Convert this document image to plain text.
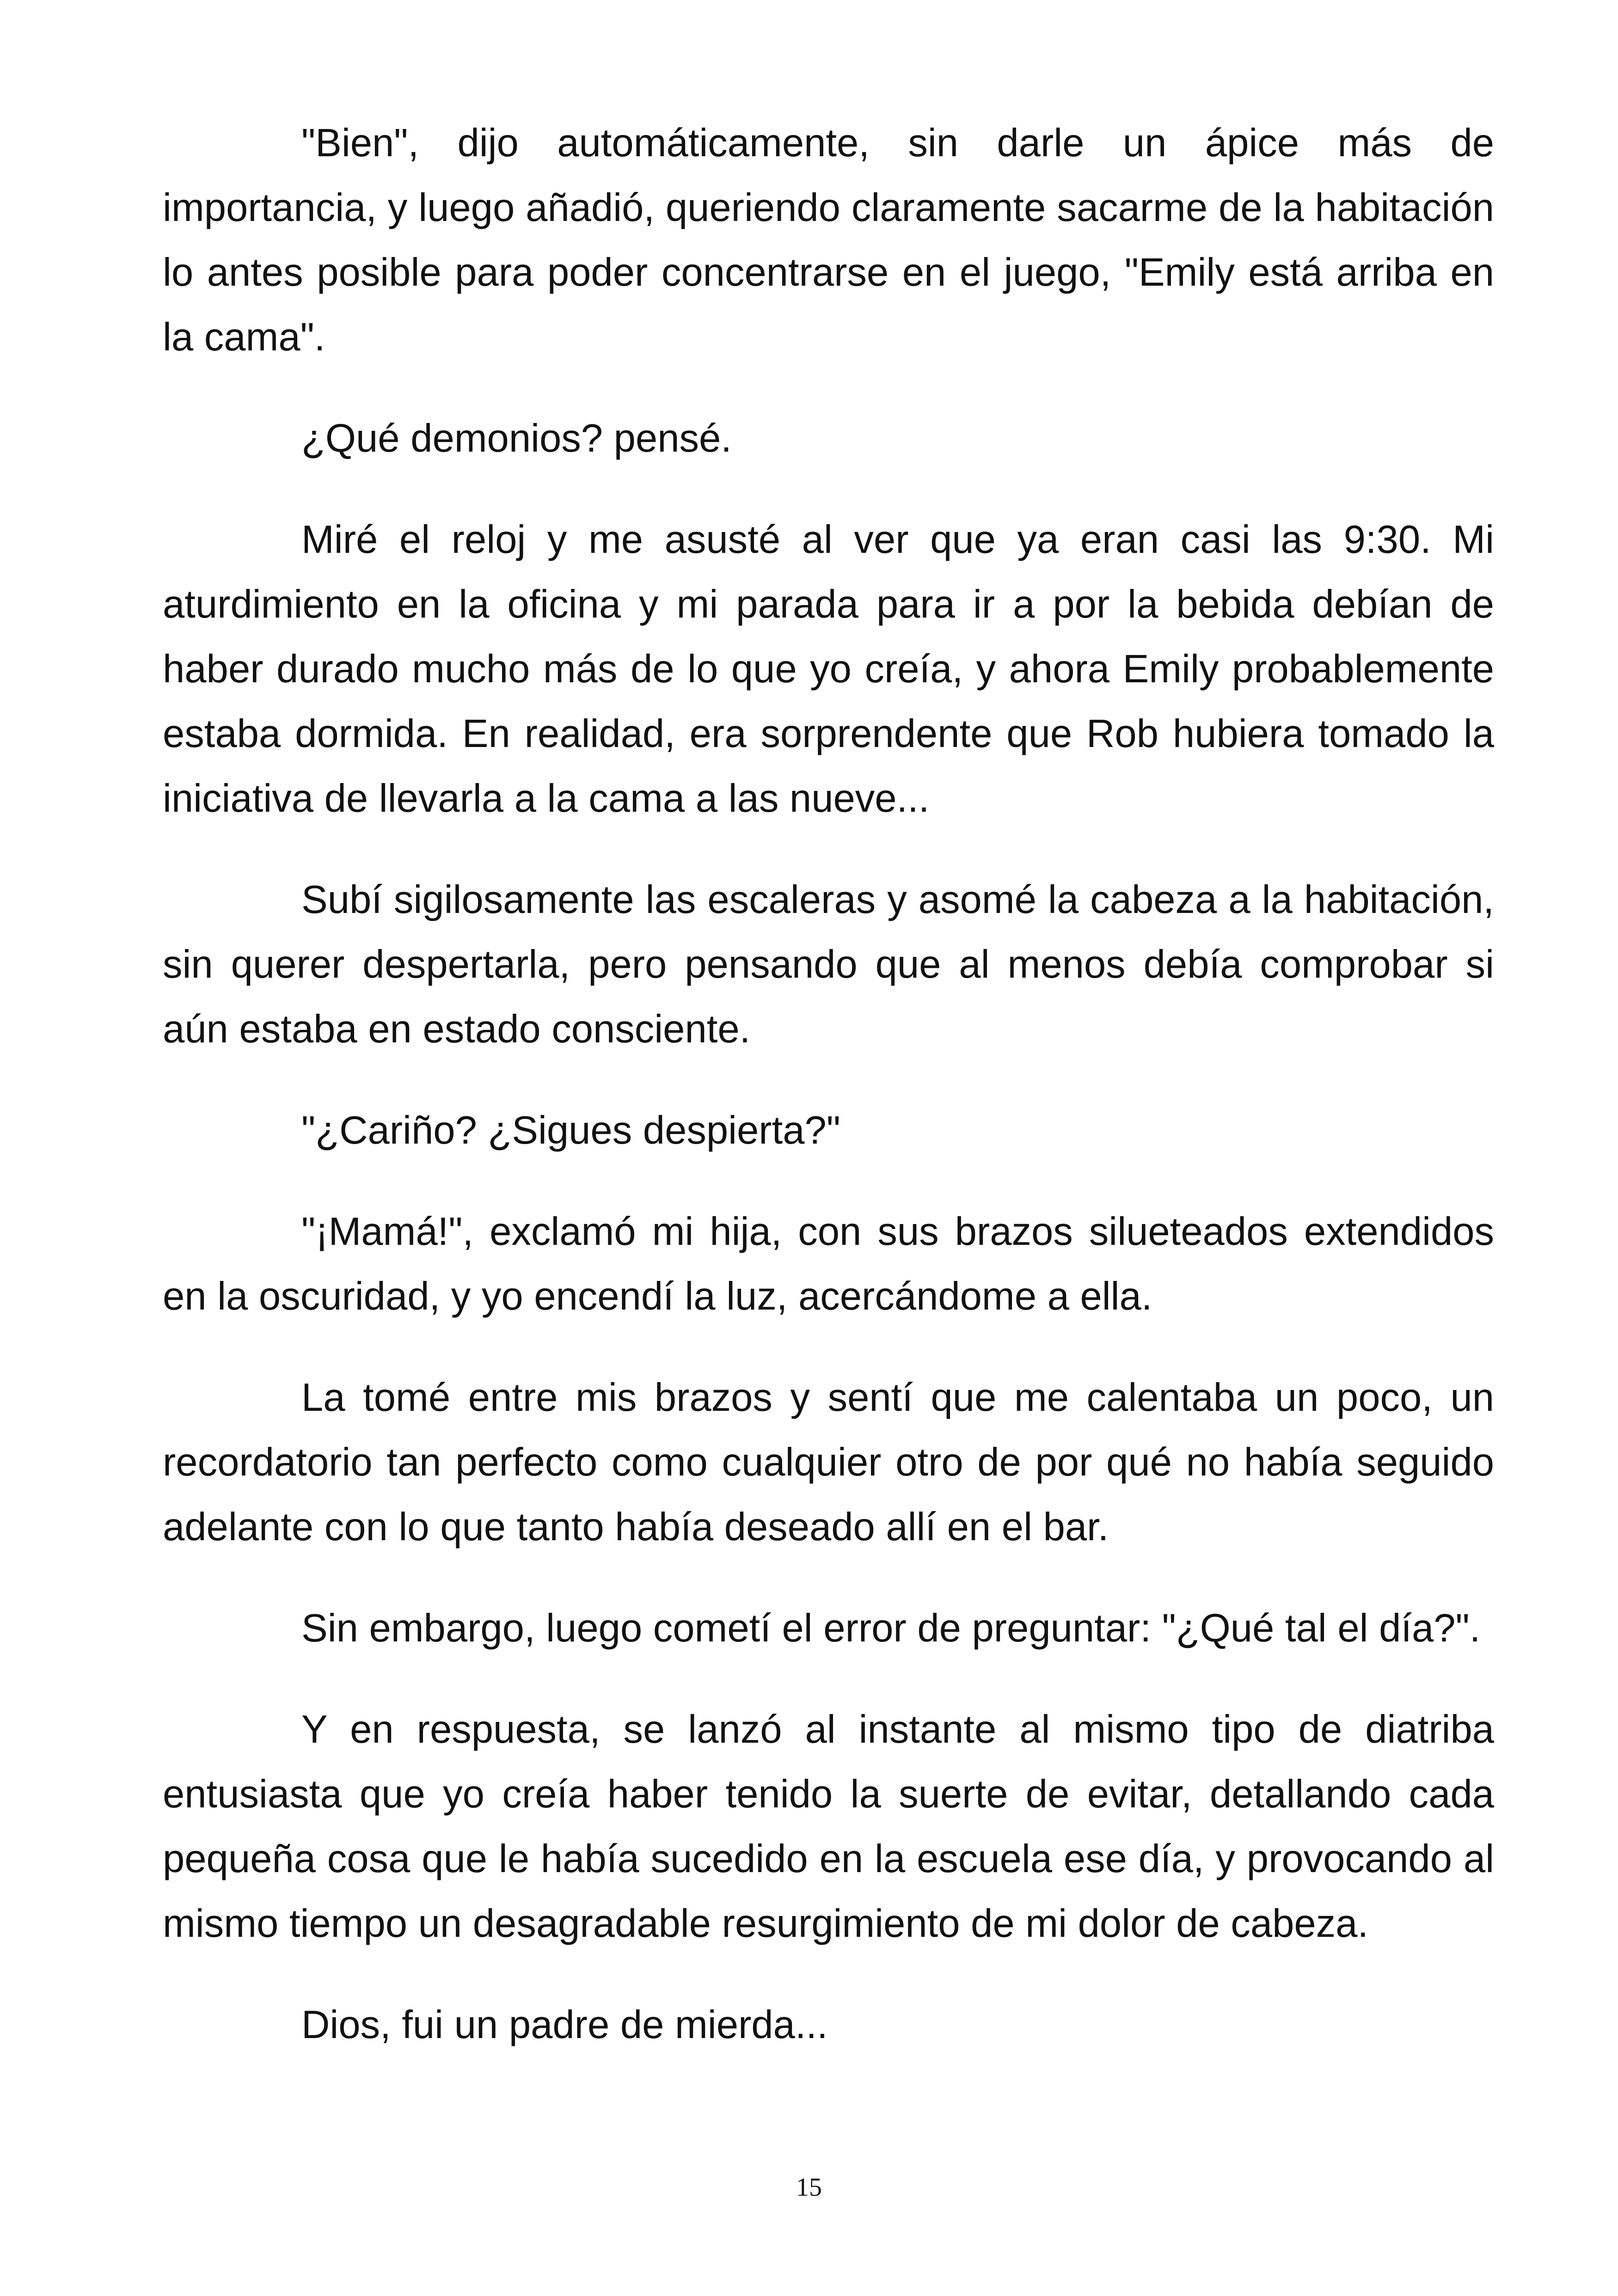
"Bien", dijo automáticamente, sin darle un ápice más de importancia, y luego añadió, queriendo claramente sacarme de la habitación lo antes posible para poder concentrarse en el juego, "Emily está arriba en la cama".

¿Qué demonios? pensé.

Miré el reloj y me asusté al ver que ya eran casi las 9:30. Mi aturdimiento en la oficina y mi parada para ir a por la bebida debían de haber durado mucho más de lo que yo creía, y ahora Emily probablemente estaba dormida. En realidad, era sorprendente que Rob hubiera tomado la iniciativa de llevarla a la cama a las nueve...

Subí sigilosamente las escaleras y asomé la cabeza a la habitación, sin querer despertarla, pero pensando que al menos debía comprobar si aún estaba en estado consciente.

"¿Cariño? ¿Sigues despierta?"

"¡Mamá!", exclamó mi hija, con sus brazos silueteados extendidos en la oscuridad, y yo encendí la luz, acercándome a ella.

La tomé entre mis brazos y sentí que me calentaba un poco, un recordatorio tan perfecto como cualquier otro de por qué no había seguido adelante con lo que tanto había deseado allí en el bar.

Sin embargo, luego cometí el error de preguntar: "¿Qué tal el día?".

Y en respuesta, se lanzó al instante al mismo tipo de diatriba entusiasta que yo creía haber tenido la suerte de evitar, detallando cada pequeña cosa que le había sucedido en la escuela ese día, y provocando al mismo tiempo un desagradable resurgimiento de mi dolor de cabeza.

Dios, fui un padre de mierda...

15
